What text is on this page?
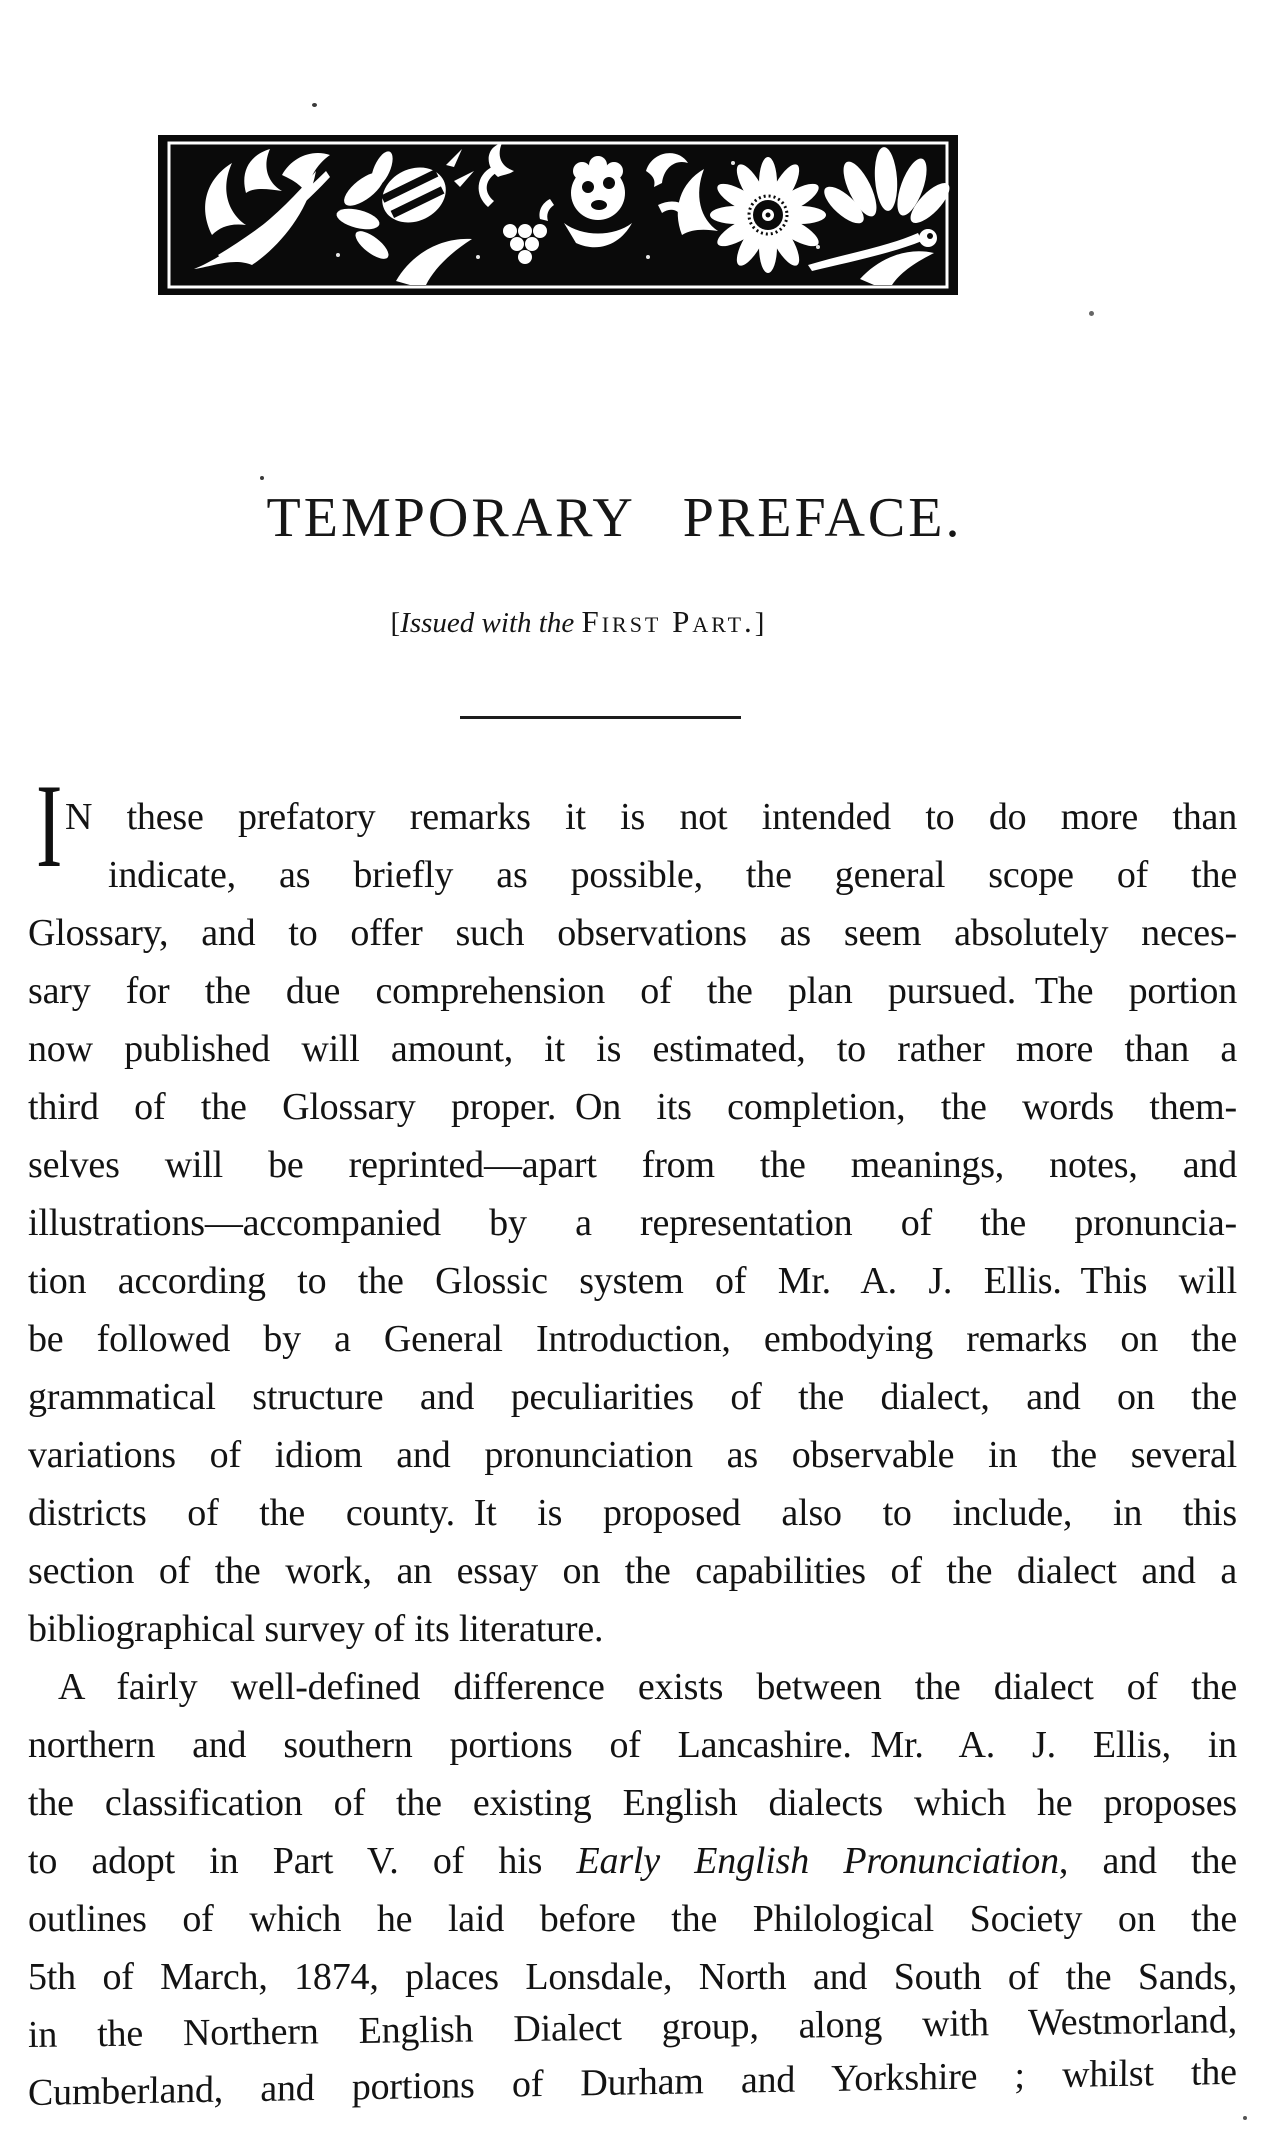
TEMPORARY PREFACE.
[Issued with the First Part.]
I N these prefatory remarks it is not intended to do more than
indicate, as briefly as possible, the general scope of the
Glossary, and to offer such observations as seem absolutely neces-
sary for the due comprehension of the plan pursued. The portion
now published will amount, it is estimated, to rather more than a
third of the Glossary proper. On its completion, the words them-
selves will be reprinted—apart from the meanings, notes, and
illustrations—accompanied by a representation of the pronuncia-
tion according to the Glossic system of Mr. A. J. Ellis. This will
be followed by a General Introduction, embodying remarks on the
grammatical structure and peculiarities of the dialect, and on the
variations of idiom and pronunciation as observable in the several
districts of the county. It is proposed also to include, in this
section of the work, an essay on the capabilities of the dialect and a
bibliographical survey of its literature.
A fairly well-defined difference exists between the dialect of the
northern and southern portions of Lancashire. Mr. A. J. Ellis, in
the classification of the existing English dialects which he proposes
to adopt in Part V. of his Early English Pronunciation, and the
outlines of which he laid before the Philological Society on the
5th of March, 1874, places Lonsdale, North and South of the Sands,
in the Northern English Dialect group, along with Westmorland,
Cumberland, and portions of Durham and Yorkshire ; whilst the
